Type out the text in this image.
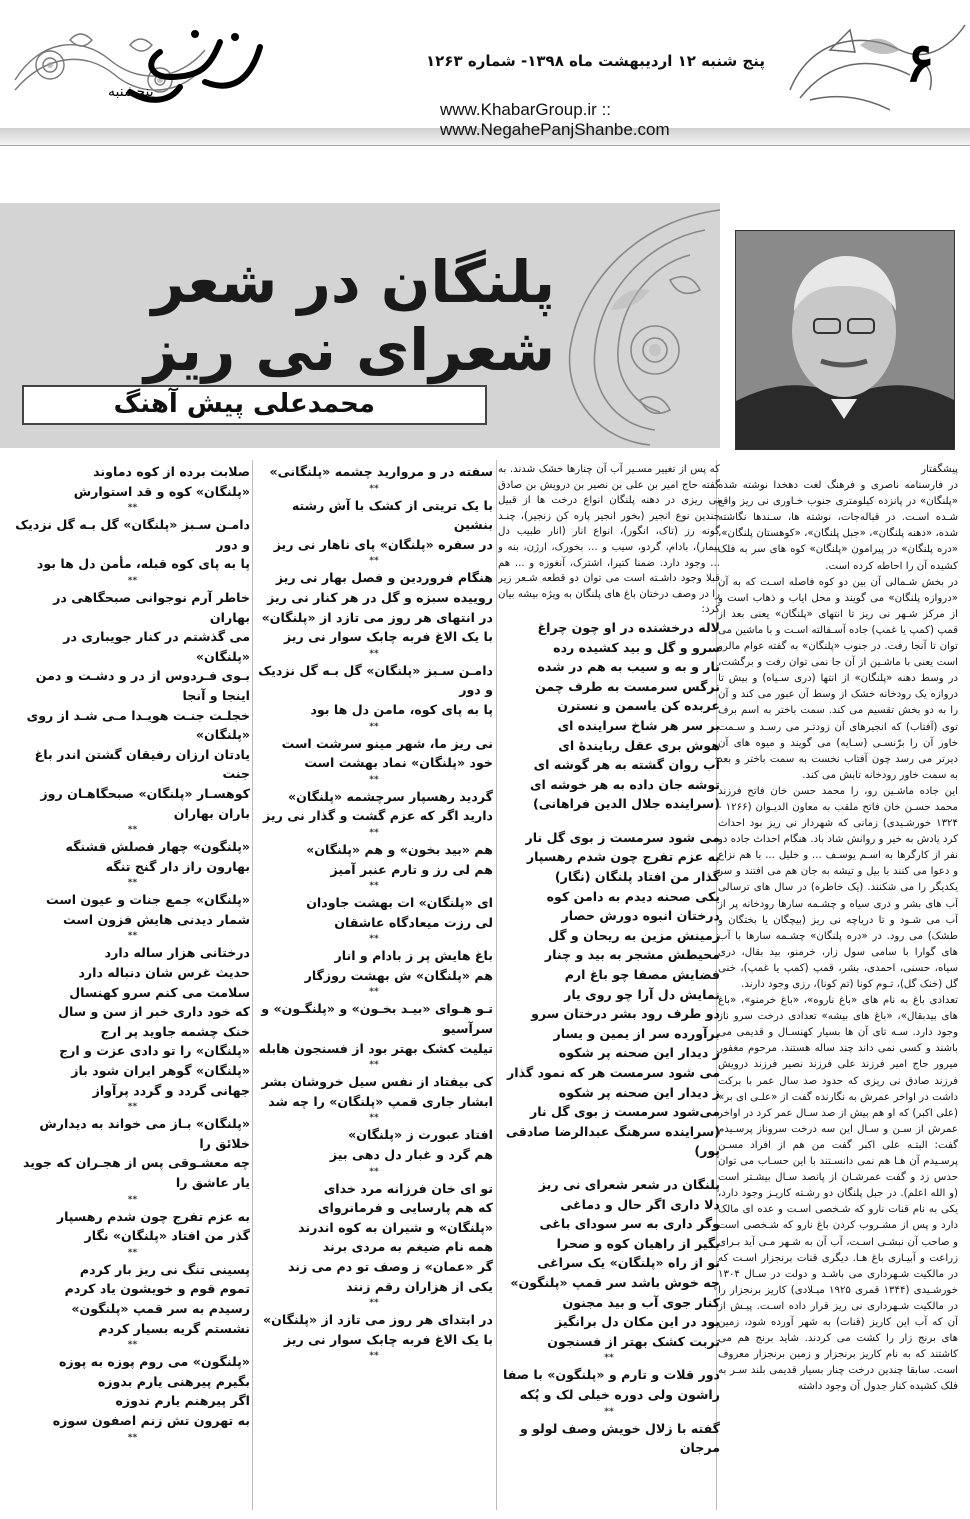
۶
پنجشنبه
پنج شنبه ۱۲ اردیبهشت ماه ۱۳۹۸- شماره ۱۲۶۳
www.KhabarGroup.ir :: www.NegahePanjShanbe.com
پلنگان در شعر شعرای نی ریز
محمدعلی پیش آهنگ

پیشگفتار

در فارسنامه ناصری و فرهنگ لغت دهخدا نوشته شده «پلنگان» در پانزده کیلومتری جنوب خـاوری نی ریز واقع شـده اسـت. در قباله‌جات، نوشته ها، سـندها نگاشته شده، «دهنه پلنگان»، «جبل پلنگان»، «کوهستان پلنگان»، «دره پلنگان» در پیرامون «پلنگان» کوه های سر به فلک کشیده آن را احاطه کرده است.

در بخش شـمالی آن بین دو کوه فاصله اسـت که به آن «دروازه پلنگان» می گویند و محل ایاب و ذهاب است و از مرکز شـهر نی ریز تا انتهای «پلنگان» یعنی بعد از قمپ (کمپ یا غمپ) جاده آسـفالته اسـت و با ماشین می توان تا آنجا رفت. در جنوب «پلنگان» به گفته عوام مالرو است یعنی با ماشـین از آن جا نمی توان رفت و برگشت، در وسط دهنه «پلنگان» از انتها (دری سـیاه) و بیش تا دروازه یک رودخانه خشک از وسط آن عبور می کند و آن را به دو بخش تقسیم می کند. سمت باختر به اسم برف توی (آفتاب) که انجیرهای آن زودتـر می رسـد و سـمت خاور آن را برّنسـی (سـایه) می گویند و میوه های آن دیرتر می رسد چون آفتاب نخست به سمت باختر و بعد به سمت خاور رودخانه تابش می کند.

این جاده ماشـین رو، را محمد حسن خان فاتح فرزند محمد حسـن خان فاتح ملقب به معاون الدیـوان (۱۲۶۶ - ۱۳۲۴ خورشـیدی) زمانی که شهردار نی ریز بود احداث کرد یادش به خیر و روانش شاد باد. هنگام احداث جاده دو نفر از کارگرها به اسـم یوسـف ... و خلیل ... با هم نزاع و دعوا می کنند با بیل و تیشه به جان هم می افتند و سر یکدیگر را می شکنند. (یک خاطره) در سال های ترسالی آب های بشر و دری سیاه و چشـمه سارها رودخانه پر از آب می شـود و تا دریاچه نی ریز (بیچگان یا بختگان و طشک) می رود. در «دره پلنگان» چشـمه سارها با آب های گوارا با سامی سول زار، خرمنو، بید بقال، دری سیاه، حسنی، احمدی، بشر، قمپ (کمپ یا غمپ)، خنی گل (خنک گل)، تـوم کونا (تم کونا)، رزی وجود دارند.

تعدادی باغ به نام های «باغ ناروه»، «باغ خرمنو»، «باغ های بیدبقال»، «باغ های بیشه» تعدادی درخت سرو ناز وجود دارد. سـه تای آن ها بسیار کهنسـال و قدیمی می باشند و کسی نمی داند چند ساله هستند. مرحوم مغفور میرور حاج امیر فرزند علی فرزند نصیر فرزند درویش فرزند صادق نی ریزی که حدود صد سال عمر با برکت داشت در اواخر عمرش به نگارنده گفت از «علـی ای بر» (علی اکبر) که او هم بیش از صد سـال عمر کرد در اواخر عمرش از سـن و سـال این سه درخت سروناز پرسـیدم گفت: البتـه علی اکبر گفت من هم از افراد مسـن پرسـیدم آن هـا هم نمی دانسـتند با این حسـاب می توان حدس زد و گفت عمرشـان از پانصد سـال بیشـتر است (و الله اعلم). در جبل پلنگان دو رشـته کاریـز وجود دارد، یکی به نام قنات نارو که شـخصی اسـت و عده ای مالک دارد و پس از مشـروب کردن باغ نارو که شـخصی است و صاحب آن نبشـی اسـت، آب آن به شـهر مـی آید بـرای زراعت و آبیـاری باغ هـا. دیگری قنات برنجزار اسـت که در مالکیت شـهرداری می باشـد و دولت در سـال ۱۳۰۴ خورشـیدی (۱۳۴۴ قمری ۱۹۲۵ میـلادی) کاریز برنجزار را در مالکیت شـهرداری نی ریز قرار داده اسـت. پیـش از آن که آب این کاریز (قنات) به شهر آورده شود، زمین های برنج زار را کشت می کردند. شاید برنج هم می کاشتند که به نام کاریز برنجزار و زمین برنجزار معروف است. سابقا چندین درخت چنار بسیار قدیمی بلند سـر به فلک کشیده کنار جدول آن وجود داشته

که پس از تغییر مسـیر آب آن چنارها خشک شدند. به گفته حاج امیر بن علی بن نصیر بن درویش بن صادق نی ریزی در دهنه پلنگان انواع درخت ها از قبیل چندین نوع انجیر (بخور انجیر پاره کن زنجیر)، چنـد گونه رز (تاک، انگور)، انواع انار (انار طبیب دل بیمار)، بادام، گردو، سیب و ... بخورک، ارژن، بنه و ... وجود دارد. ضمنا کتیرا، اشترک، آنغوزه و ... هم قبلا وجود داشـته است می توان دو قطعه شـعر زیر را در وصف درختان باغ های پلنگان به ویژه بیشه بیان کرد:

لاله درخشنده در او چون چراغ
سرو و گل و بید کشیده رده
نار و به و سیب به هم در شده
نرگس سرمست به طرف چمن
عربده کن یاسمن و نسترن
بر سر هر شاخ سراینده ای
هوش بری عقل ربایندۀ ای
آب روان گشته به هر گوشه ای
توشه جان داده به هر خوشه ای
(سراینده جلال الدین فراهانی)

می شود سرمست ز بوی گل نار
به عزم تفرج چون شدم رهسپار
گذار من افتاد پلنگان (نگار)
یکی صحنه دیدم به دامن کوه
درختان انبوه دورش حصار
زمینش مزین به ریحان و گل
محیطش مشجر به بید و چنار
فضایش مصفا چو باغ ارم
نمایش دل آرا چو روی یار
دو طرف رود بشر درختان سرو
برآورده سر از یمین و یسار
ز دیدار این صحنه پر شکوه
می شود سرمست هر که نمود گذار
ز دیدار این صحنه پر شکوه
می‌شود سرمست ز بوی گل نار
(سراینده سرهنگ عبدالرضا صادقی پور)

پلنگان در شعر شعرای نی ریز
دلا داری اگر حال و دماغی
وگر داری به سر سودای باغی
بگیر از راهیان کوه و صحرا
تو از راه «پلنگان» یک سراغی
چه خوش باشد سر قمپ «پلنگون»
کنار جوی آب و بید مجنون
بود در این مکان دل برانگیز
تربت کشک بهتر از فسنجون
**
دور قلات و تارم و «پلنگون» با صفا
راشون ولی دوره خیلی لک و پُکه
**
گفته با زلال خویش وصف لولو و مرجان
سفته در و مروارید چشمه «پلنگانی»
**
با یک تریتی از کشک با آش رشته بنشین
در سفره «پلنگان» پای ناهار نی ریز
**
هنگام فروردین و فصل بهار نی ریز
روییده سبزه و گل در هر کنار نی ریز
در انتهای هر روز می تازد از «پلنگان»
با یک الاغ فربه چابک سوار نی ریز
**
دامـن سـبز «پلنگان» گل بـه گل نزدیک و دور
پا به پای کوه، مامن دل ها بود
**
نی ریز ما، شهر مینو سرشت است
خود «پلنگان» نماد بهشت است
**
گردید رهسپار سرچشمه «پلنگان»
دارید اگر که عزم گشت و گذار نی ریز
**
هم «بید بخون» و هم «پلنگان»
هم لی رز و تارم عنبر آمیز
**
ای «پلنگان» ات بهشت جاودان
لی رزت میعادگاه عاشقان
**
باغ هایش پر ز بادام و انار
هم «پلنگان» ش بهشت روزگار
**
تـو هـوای «بیـد بخـون» و «پلنگـون» و سرآسیو
تیلیت کشک بهتر بود از فسنجون هابله
**
کی بیفتاد از نفس سیل خروشان بشر
ابشار جاری قمپ «پلنگان» را چه شد
**
افتاد عبورت ز «پلنگان»
هم گرد و غبار دل دهی بیز
**
تو ای خان فرزانه مرد خدای
که هم پارسایی و فرمانروای
«پلنگان» و شیران به کوه اندرند
همه نام ضیغم به مردی برند
گر «عمان» ز وصف تو دم می زند
یکی از هزاران رقم زنند
**
در ابتدای هر روز می تازد از «پلنگان»
با یک الاغ فربه چابک سوار نی ریز
**
صلابت برده از کوه دماوند
«پلنگان» کوه و قد استوارش
**
دامـن سـبز «پلنگان» گل بـه گل نزدیک و دور
پا به پای کوه قبله، مأمن دل ها بود
**
خاطر آرم نوجوانی صبحگاهی در بهاران
می گذشتم در کنار جویباری در «پلنگان»
بـوی فـردوس از در و دشـت و دمن اینجا و آنجا
خجلـت جنـت هویـدا مـی شـد از روی «پلنگان»
یادتان ارزان رفیقان گشتن اندر باغ جنت
کوهسـار «پلنگان» صبحگاهـان روز باران بهاران
**
«پلنگون» چهار فصلش قشنگه
بهارون راز دار گنج تنگه
**
«پلنگان» جمع جنات و عیون است
شمار دیدنی هایش فزون است
**
درختانی هزار ساله دارد
حدیث غرس شان دنباله دارد
سلامت می کنم سرو کهنسال
که خود داری خبر از سن و سال
خنک چشمه جاوید پر ارج
«پلنگان» را تو دادی عزت و ارج
«پلنگان» گوهر ایران شود باز
جهانی گردد و گردد پرآواز
**
«پلنگان» بـاز می خواند به دیدارش خلائق را
چه معشـوقی پس از هجـران که جوید یار عاشق را
**
به عزم تفرج چون شدم رهسپار
گذر من افتاد «پلنگان» نگار
**
پسینی تنگ نی ریز بار کردم
تموم قوم و خویشون یاد کردم
رسیدم به سر قمپ «پلنگون»
نشستم گریه بسیار کردم
**
«پلنگون» می روم پوزه به پوزه
بگیرم پیرهنی یارم بدوزه
اگر پیرهنم یارم ندوزه
به تهرون تش زنم اصفون سوزه
**
